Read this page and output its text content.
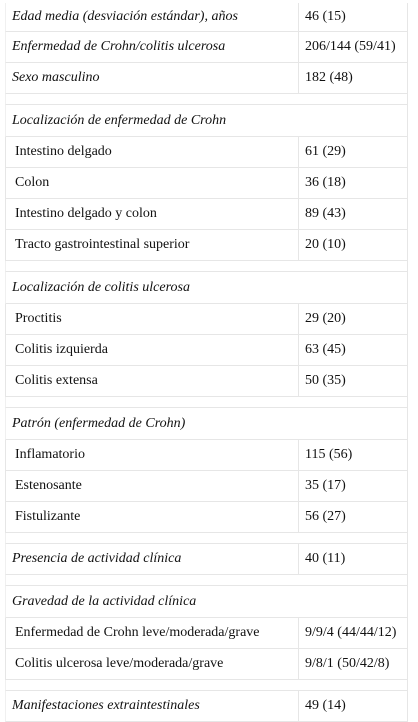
Edad media (desviación estándar), años	46 (15)
Enfermedad de Crohn/colitis ulcerosa	206/144 (59/41)
Sexo masculino	182 (48)

Localización de enfermedad de Crohn	
Intestino delgado	61 (29)
Colon	36 (18)
Intestino delgado y colon	89 (43)
Tracto gastrointestinal superior	20 (10)

Localización de colitis ulcerosa	
Proctitis	29 (20)
Colitis izquierda	63 (45)
Colitis extensa	50 (35)

Patrón (enfermedad de Crohn)	
Inflamatorio	115 (56)
Estenosante	35 (17)
Fistulizante	56 (27)

Presencia de actividad clínica	40 (11)

Gravedad de la actividad clínica	
Enfermedad de Crohn leve/moderada/grave	9/9/4 (44/44/12)
Colitis ulcerosa leve/moderada/grave	9/8/1 (50/42/8)

Manifestaciones extraintestinales	49 (14)
